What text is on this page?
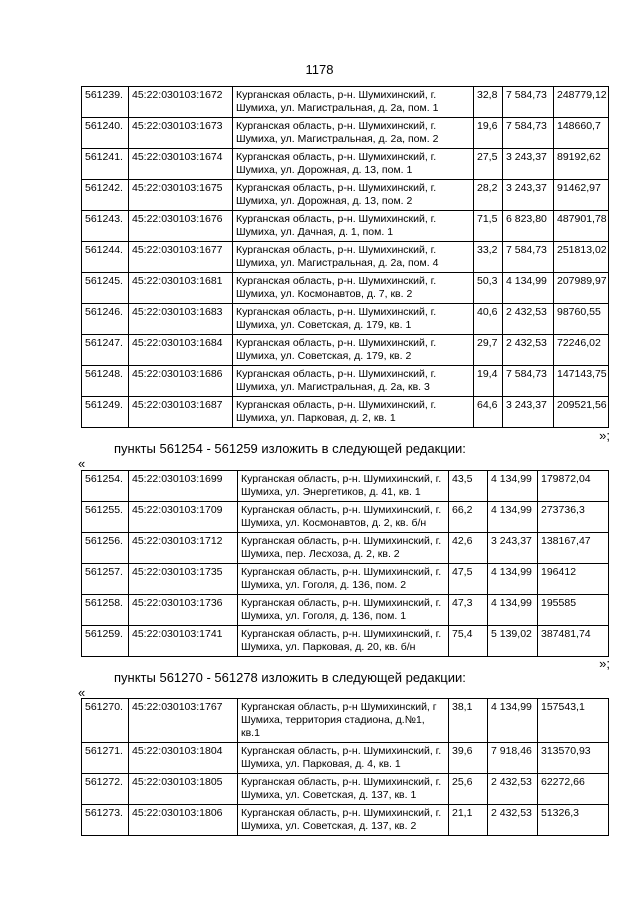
1178
561239.	45:22:030103:1672	Курганская область, р-н. Шумихинский, г. Шумиха, ул. Магистральная, д. 2а, пом. 1	32,8	7 584,73	248779,12
561240.	45:22:030103:1673	Курганская область, р-н. Шумихинский, г. Шумиха, ул. Магистральная, д. 2а, пом. 2	19,6	7 584,73	148660,7
561241.	45:22:030103:1674	Курганская область, р-н. Шумихинский, г. Шумиха, ул. Дорожная, д. 13, пом. 1	27,5	3 243,37	89192,62
561242.	45:22:030103:1675	Курганская область, р-н. Шумихинский, г. Шумиха, ул. Дорожная, д. 13, пом. 2	28,2	3 243,37	91462,97
561243.	45:22:030103:1676	Курганская область, р-н. Шумихинский, г. Шумиха, ул. Дачная, д. 1, пом. 1	71,5	6 823,80	487901,78
561244.	45:22:030103:1677	Курганская область, р-н. Шумихинский, г. Шумиха, ул. Магистральная, д. 2а, пом. 4	33,2	7 584,73	251813,02
561245.	45:22:030103:1681	Курганская область, р-н. Шумихинский, г. Шумиха, ул. Космонавтов, д. 7, кв. 2	50,3	4 134,99	207989,97
561246.	45:22:030103:1683	Курганская область, р-н. Шумихинский, г. Шумиха, ул. Советская, д. 179, кв. 1	40,6	2 432,53	98760,55
561247.	45:22:030103:1684	Курганская область, р-н. Шумихинский, г. Шумиха, ул. Советская, д. 179, кв. 2	29,7	2 432,53	72246,02
561248.	45:22:030103:1686	Курганская область, р-н. Шумихинский, г. Шумиха, ул. Магистральная, д. 2а, кв. 3	19,4	7 584,73	147143,75
561249.	45:22:030103:1687	Курганская область, р-н. Шумихинский, г. Шумиха, ул. Парковая, д. 2, кв. 1	64,6	3 243,37	209521,56
»;
пункты 561254 - 561259 изложить в следующей редакции:
«
561254.	45:22:030103:1699	Курганская область, р-н. Шумихинский, г. Шумиха, ул. Энергетиков, д. 41, кв. 1	43,5	4 134,99	179872,04
561255.	45:22:030103:1709	Курганская область, р-н. Шумихинский, г. Шумиха, ул. Космонавтов, д. 2, кв. б/н	66,2	4 134,99	273736,3
561256.	45:22:030103:1712	Курганская область, р-н. Шумихинский, г. Шумиха, пер. Лесхоза, д. 2, кв. 2	42,6	3 243,37	138167,47
561257.	45:22:030103:1735	Курганская область, р-н. Шумихинский, г. Шумиха, ул. Гоголя, д. 136, пом. 2	47,5	4 134,99	196412
561258.	45:22:030103:1736	Курганская область, р-н. Шумихинский, г. Шумиха, ул. Гоголя, д. 136, пом. 1	47,3	4 134,99	195585
561259.	45:22:030103:1741	Курганская область, р-н. Шумихинский, г. Шумиха, ул. Парковая, д. 20, кв. б/н	75,4	5 139,02	387481,74
»;
пункты 561270 - 561278 изложить в следующей редакции:
«
561270.	45:22:030103:1767	Курганская область, р-н Шумихинский, г Шумиха, территория стадиона, д.№1, кв.1	38,1	4 134,99	157543,1
561271.	45:22:030103:1804	Курганская область, р-н. Шумихинский, г. Шумиха, ул. Парковая, д. 4, кв. 1	39,6	7 918,46	313570,93
561272.	45:22:030103:1805	Курганская область, р-н. Шумихинский, г. Шумиха, ул. Советская, д. 137, кв. 1	25,6	2 432,53	62272,66
561273.	45:22:030103:1806	Курганская область, р-н. Шумихинский, г. Шумиха, ул. Советская, д. 137, кв. 2	21,1	2 432,53	51326,3
